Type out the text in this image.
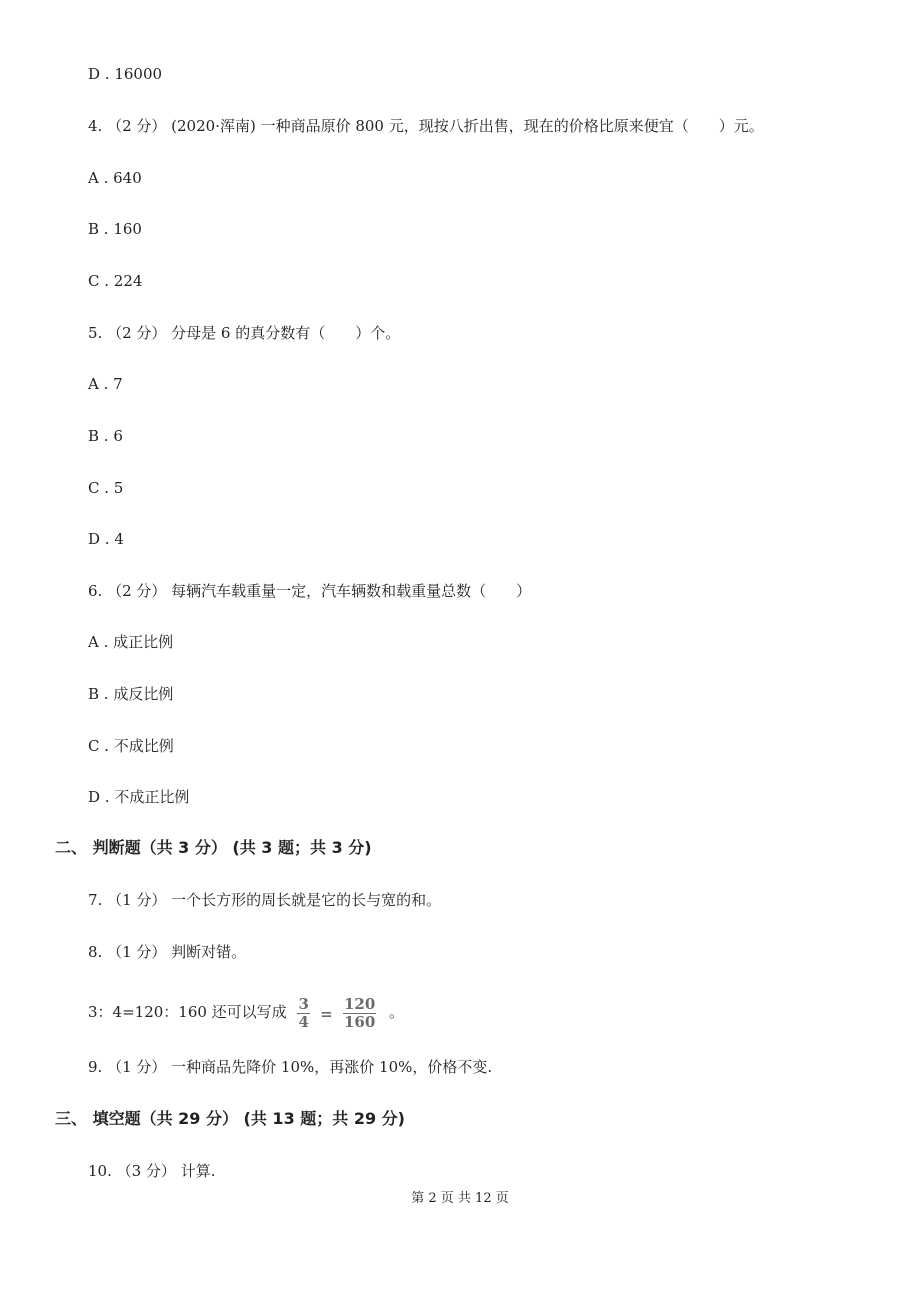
D . 16000
4. （2 分） (2020·浑南) 一种商品原价 800 元，现按八折出售，现在的价格比原来便宜（　　）元。
A . 640
B . 160
C . 224
5. （2 分） 分母是 6 的真分数有（　　）个。
A . 7
B . 6
C . 5
D . 4
6. （2 分） 每辆汽车载重量一定，汽车辆数和载重量总数（　　）
A . 成正比例
B . 成反比例
C . 不成比例
D . 不成正比例
二、 判断题（共 3 分） (共 3 题；共 3 分)
7. （1 分） 一个长方形的周长就是它的长与宽的和。
8. （1 分） 判断对错。
3：4=120：160 还可以写成 $\frac{3}{4} = \frac{120}{160}$ 。
9. （1 分） 一种商品先降价 10%，再涨价 10%，价格不变.
三、 填空题（共 29 分） (共 13 题；共 29 分)
10. （3 分） 计算.
第 2 页 共 12 页
